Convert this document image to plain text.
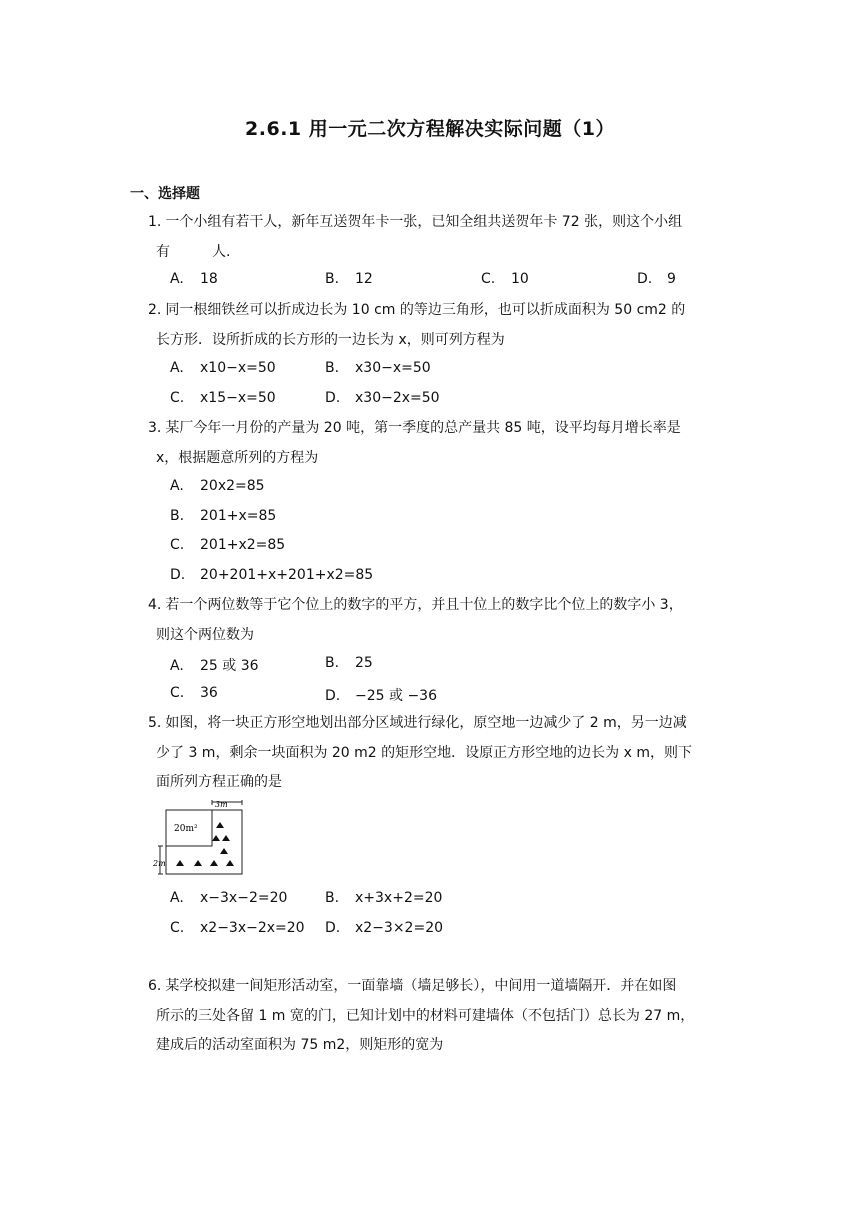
2.6.1 用一元二次方程解决实际问题（1）
一、选择题
1. 一个小组有若干人，新年互送贺年卡一张，已知全组共送贺年卡 72 张，则这个小组
有　　　人.
A. 18	B. 12	C. 10	D. 9
2. 同一根细铁丝可以折成边长为 10 cm 的等边三角形，也可以折成面积为 50 cm2 的
长方形．设所折成的长方形的一边长为 x，则可列方程为
A. x10−x=50	B. x30−x=50
C. x15−x=50	D. x30−2x=50
3. 某厂今年一月份的产量为 20 吨，第一季度的总产量共 85 吨，设平均每月增长率是
x，根据题意所列的方程为
A. 20x2=85
B. 201+x=85
C. 201+x2=85
D. 20+201+x+201+x2=85
4. 若一个两位数等于它个位上的数字的平方，并且十位上的数字比个位上的数字小 3，
则这个两位数为
A. 25 或 36	B. 25
C. 36	D. −25 或 −36
5. 如图，将一块正方形空地划出部分区域进行绿化，原空地一边减少了 2 m，另一边减
少了 3 m，剩余一块面积为 20 m2 的矩形空地．设原正方形空地的边长为 x m，则下
面所列方程正确的是
3m
20m²
2m
A. x−3x−2=20	B. x+3x+2=20
C. x2−3x−2x=20 D. x2−3×2=20
6. 某学校拟建一间矩形活动室，一面靠墙（墙足够长），中间用一道墙隔开．并在如图
所示的三处各留 1 m 宽的门，已知计划中的材料可建墙体（不包括门）总长为 27 m，
建成后的活动室面积为 75 m2，则矩形的宽为
